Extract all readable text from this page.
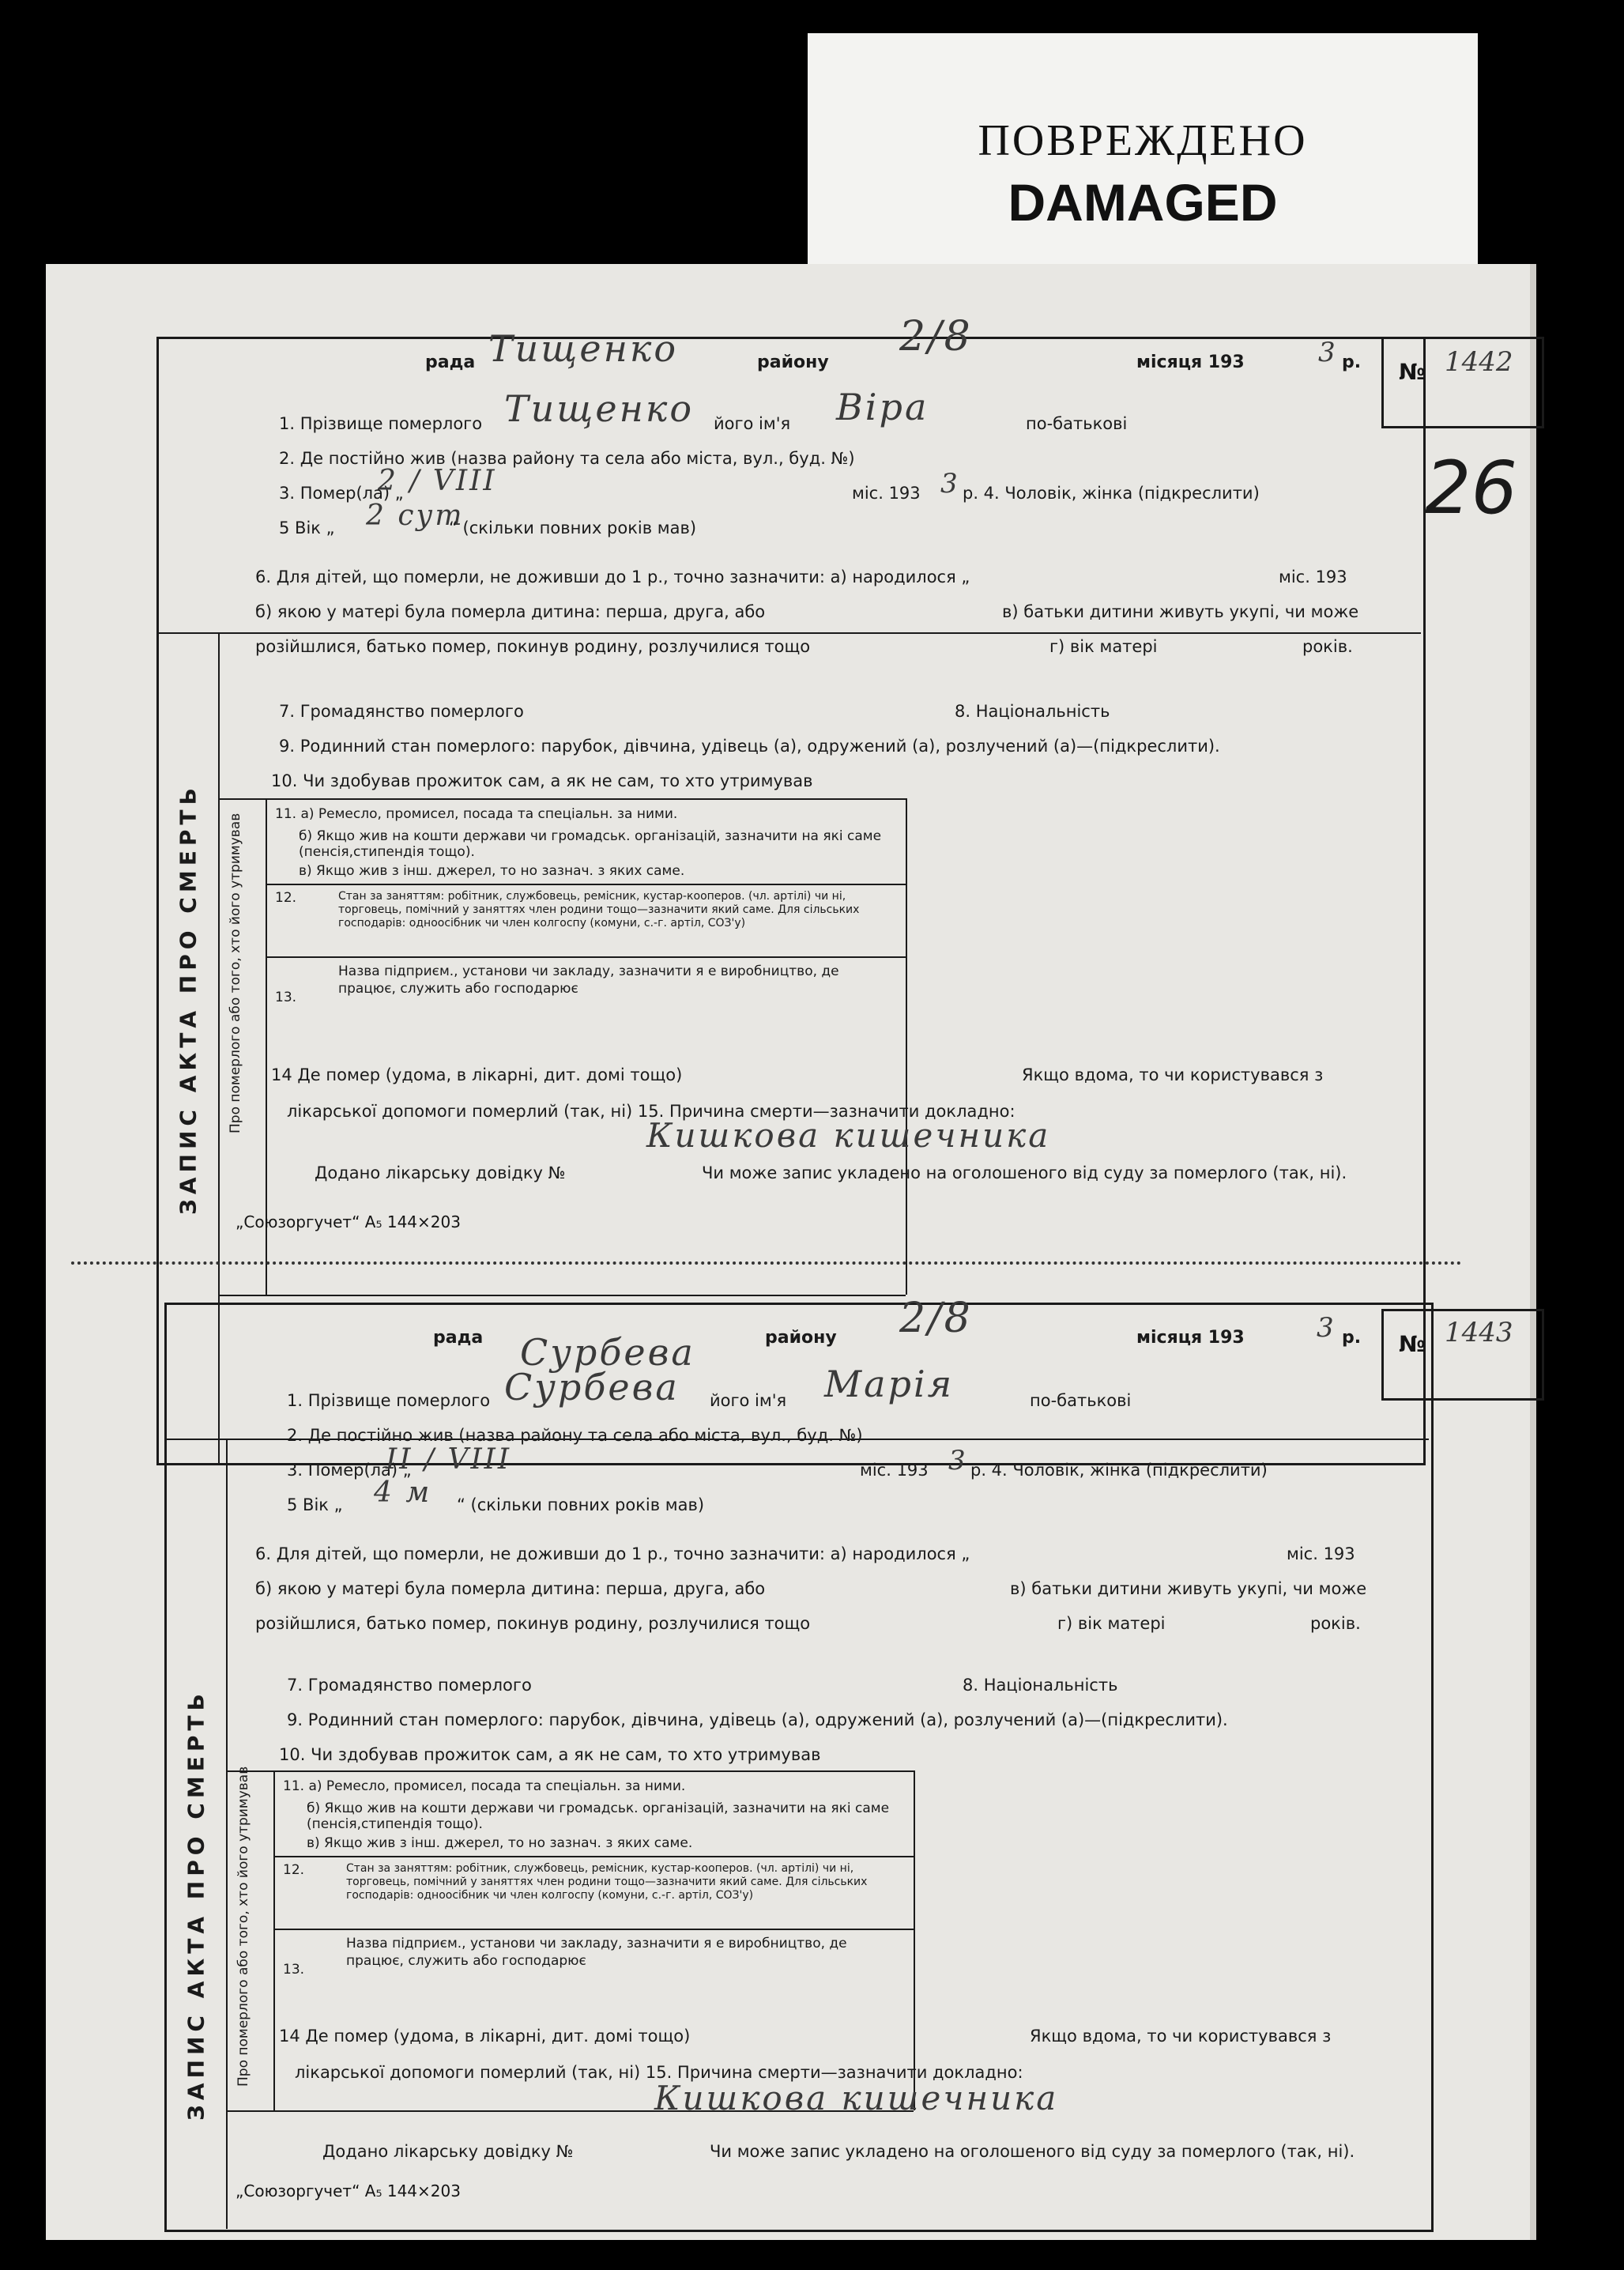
ПОВРЕЖДЕНО
DAMAGED
26
ЗАПИС АКТА ПРО СМЕРТЬ
рада Тищенко	району
2/8
місяця 193	3 р. № 1442
1. Прізвище померлого Тищенко його ім'я Віра	по-батькові
2. Де постійно жив (назва району та села або міста, вул., буд. №)
3. Помер(ла) „
2 / VIII	міс. 193 3 р. 4. Чоловік, жінка (підкреслити)
5 Вік „ 2 сут
“ (скільки повних років мав)
6. Для дітей, що померли, не доживши до 1 р., точно зазначити: а) народилося „	міс. 193
б) якою у матері була померла дитина: перша, друга, або	в) батьки дитини живуть укупі, чи може
розійшлися, батько помер, покинув родину, розлучилися тощо	г) вік матері	років.
7. Громадянство померлого	8. Національність
9. Родинний стан померлого: парубок, дівчина, удівець (а), одружений (а), розлучений (а)—(підкреслити).
10. Чи здобував прожиток сам, а як не сам, то хто утримував
Про померлого або того, хто його утримував 11. а) Ремесло, промисел, посада та спеціальн. за ними.
б) Якщо жив на кошти держави чи громадськ. організацій, зазначити на які саме (пенсія,стипендія тощо).
в) Якщо жив з інш. джерел, то но зазнач. з яких саме.
12.	Стан за заняттям: робітник, службовець, ремісник, кустар-кооперов. (чл. артілі) чи ні, торговець, помічний у заняттях член родини тощо—зазначити який саме. Для сільських господарів: одноосібник чи член колгоспу (комуни, с.-г. артіл, СОЗ'у)
13.
Назва підприєм., установи чи закладу, зазначити я е виробництво, де працює, служить або господарює
14 Де помер (удома, в лікарні, дит. домі тощо)	Якщо вдома, то чи користувався з
лікарської допомоги померлий (так, ні) 15. Причина смерти—зазначити докладно:
Кишкова кишечника
Додано лікарську довідку №	Чи може запис укладено на оголошеного від суду за померлого (так, ні).
„Союзоргучет“ А₅ 144×203
ЗАПИС АКТА ПРО СМЕРТЬ
рада Сурбева	району 2/8	місяця 193	3 р. № 1443
1. Прізвище померлого Сурбева його ім'я Марія	по-батькові
2. Де постійно жив (назва району та села або міста, вул., буд. №)
3. Помер(ла) „
II / VIII	міс. 193 3 р. 4. Чоловік, жінка (підкреслити)
5 Вік „ 4 м “ (скільки повних років мав)
6. Для дітей, що померли, не доживши до 1 р., точно зазначити: а) народилося „	міс. 193
б) якою у матері була померла дитина: перша, друга, або	в) батьки дитини живуть укупі, чи може
розійшлися, батько помер, покинув родину, розлучилися тощо	г) вік матері	років.
7. Громадянство померлого	8. Національність
9. Родинний стан померлого: парубок, дівчина, удівець (а), одружений (а), розлучений (а)—(підкреслити).
10. Чи здобував прожиток сам, а як не сам, то хто утримував
Про померлого або того, хто його утримував 11. а) Ремесло, промисел, посада та спеціальн. за ними.
б) Якщо жив на кошти держави чи громадськ. організацій, зазначити на які саме (пенсія,стипендія тощо).
в) Якщо жив з інш. джерел, то но зазнач. з яких саме.
12.	Стан за заняттям: робітник, службовець, ремісник, кустар-кооперов. (чл. артілі) чи ні, торговець, помічний у заняттях член родини тощо—зазначити який саме. Для сільських господарів: одноосібник чи член колгоспу (комуни, с.-г. артіл, СОЗ'у)
13.
Назва підприєм., установи чи закладу, зазначити я е виробництво, де працює, служить або господарює
14 Де помер (удома, в лікарні, дит. домі тощо)	Якщо вдома, то чи користувався з
лікарської допомоги померлий (так, ні) 15. Причина смерти—зазначити докладно:
Кишкова кишечника
Додано лікарську довідку №	Чи може запис укладено на оголошеного від суду за померлого (так, ні).
„Союзоргучет“ А₅ 144×203
